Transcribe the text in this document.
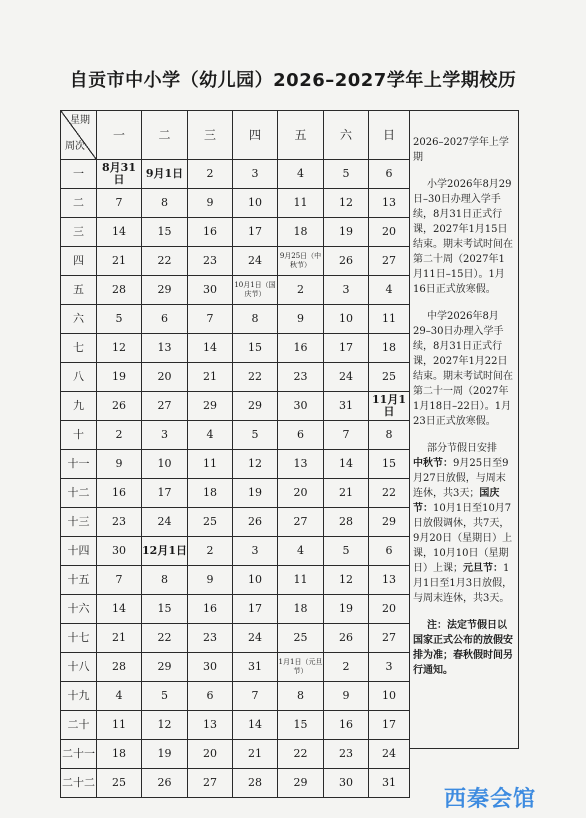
自贡市中小学（幼儿园）2026–2027学年上学期校历
星期
周次	一	二	三	四	五	六	日
一	8月31日	9月1日	2	3	4	5	6
二	7	8	9	10	11	12	13
三	14	15	16	17	18	19	20
四	21	22	23	24	9月25日（中秋节）	26	27
五	28	29	30	10月1日（国庆节）	2	3	4
六	5	6	7	8	9	10	11
七	12	13	14	15	16	17	18
八	19	20	21	22	23	24	25
九	26	27	29	29	30	31	11月1日
十	2	3	4	5	6	7	8
十一	9	10	11	12	13	14	15
十二	16	17	18	19	20	21	22
十三	23	24	25	26	27	28	29
十四	30	12月1日	2	3	4	5	6
十五	7	8	9	10	11	12	13
十六	14	15	16	17	18	19	20
十七	21	22	23	24	25	26	27
十八	28	29	30	31	1月1日（元旦节）	2	3
十九	4	5	6	7	8	9	10
二十	11	12	13	14	15	16	17
二十一	18	19	20	21	22	23	24
二十二	25	26	27	28	29	30	31

2026–2027学年上学期

小学2026年8月29日–30日办理入学手续，8月31日正式行课，2027年1月15日结束。期末考试时间在第二十周（2027年1月11日–15日）。1月16日正式放寒假。

中学2026年8月29–30日办理入学手续，8月31日正式行课，2027年1月22日结束。期末考试时间在第二十一周（2027年1月18日–22日）。1月23日正式放寒假。

部分节假日安排
中秋节：9月25日至9月27日放假，与周末连休，共3天；国庆节：10月1日至10月7日放假调休，共7天，9月20日（星期日）上课，10月10日（星期日）上课；元旦节：1月1日至1月3日放假，与周末连休，共3天。

注：法定节假日以国家正式公布的放假安排为准；春秋假时间另行通知。

西秦会馆
